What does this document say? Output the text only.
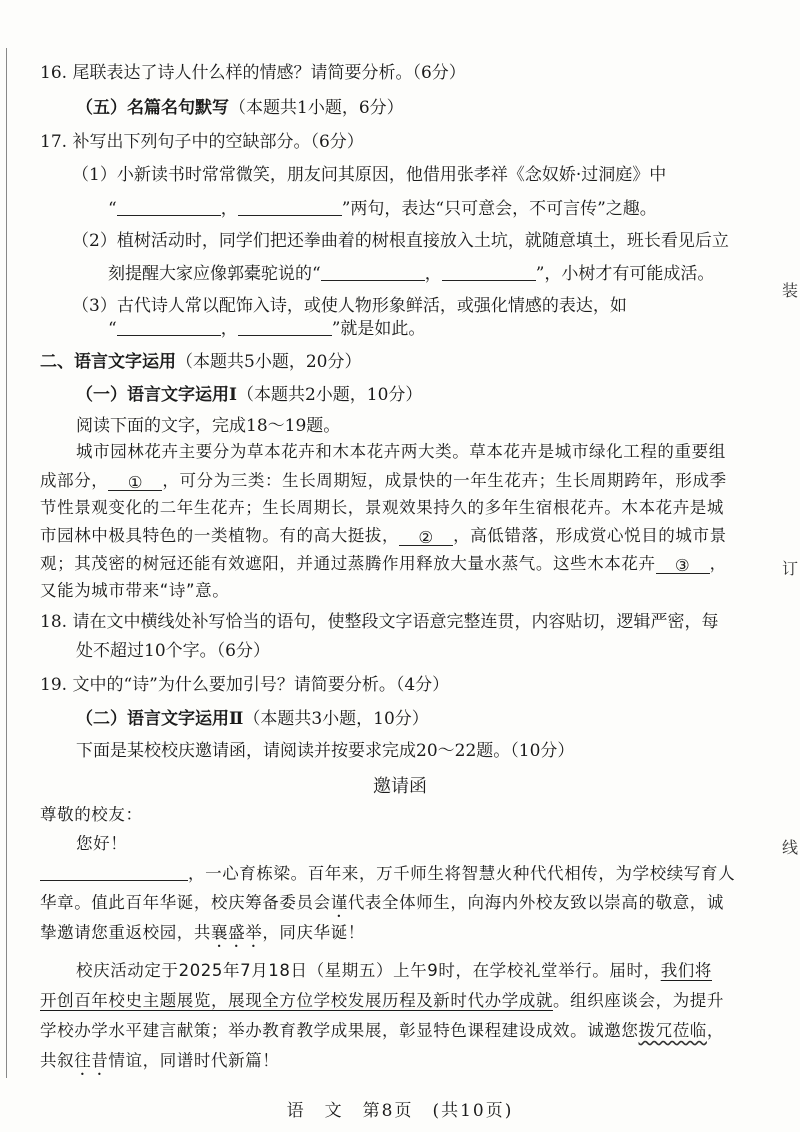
16. 尾联表达了诗人什么样的情感？请简要分析。（6分）
（五）名篇名句默写（本题共1小题，6分）
17. 补写出下列句子中的空缺部分。（6分）
（1）小新读书时常常微笑，朋友问其原因，他借用张孝祥《念奴娇·过洞庭》中
“	，	”两句，表达“只可意会，不可言传”之趣。
（2）植树活动时，同学们把还拳曲着的树根直接放入土坑，就随意填土，班长看见后立
刻提醒大家应像郭橐驼说的“	，	”，小树才有可能成活。
（3）古代诗人常以配饰入诗，或使人物形象鲜活，或强化情感的表达，如
“	，	”就是如此。
二、语言文字运用（本题共5小题，20分）
（一）语言文字运用Ⅰ（本题共2小题，10分）
阅读下面的文字，完成18～19题。
城市园林花卉主要分为草本花卉和木本花卉两大类。草本花卉是城市绿化工程的重要组
成部分， ① ，可分为三类：生长周期短，成景快的一年生花卉；生长周期跨年，形成季
节性景观变化的二年生花卉；生长周期长，景观效果持久的多年生宿根花卉。木本花卉是城
市园林中极具特色的一类植物。有的高大挺拔， ② ，高低错落，形成赏心悦目的城市景
观；其茂密的树冠还能有效遮阳，并通过蒸腾作用释放大量水蒸气。这些木本花卉 ③ ，
又能为城市带来“诗”意。
18. 请在文中横线处补写恰当的语句，使整段文字语意完整连贯，内容贴切，逻辑严密，每
处不超过10个字。（6分）
19. 文中的“诗”为什么要加引号？请简要分析。（4分）
（二）语言文字运用Ⅱ（本题共3小题，10分）
下面是某校校庆邀请函，请阅读并按要求完成20～22题。（10分）
邀请函
尊敬的校友：
您好！
，一心育栋梁。百年来，万千师生将智慧火种代代相传，为学校续写育人
华章。值此百年华诞，校庆筹备委员会谨代表全体师生，向海内外校友致以崇高的敬意，诚
挚邀请您重返校园，共襄盛举，同庆华诞！
校庆活动定于2025年7月18日（星期五）上午9时，在学校礼堂举行。届时，我们将
开创百年校史主题展览，展现全方位学校发展历程及新时代办学成就。组织座谈会，为提升
学校办学水平建言献策；举办教育教学成果展，彰显特色课程建设成效。诚邀您拨冗莅临，
共叙往昔情谊，同谱时代新篇！
装
订
线
语　文　第8页　(共10页)
